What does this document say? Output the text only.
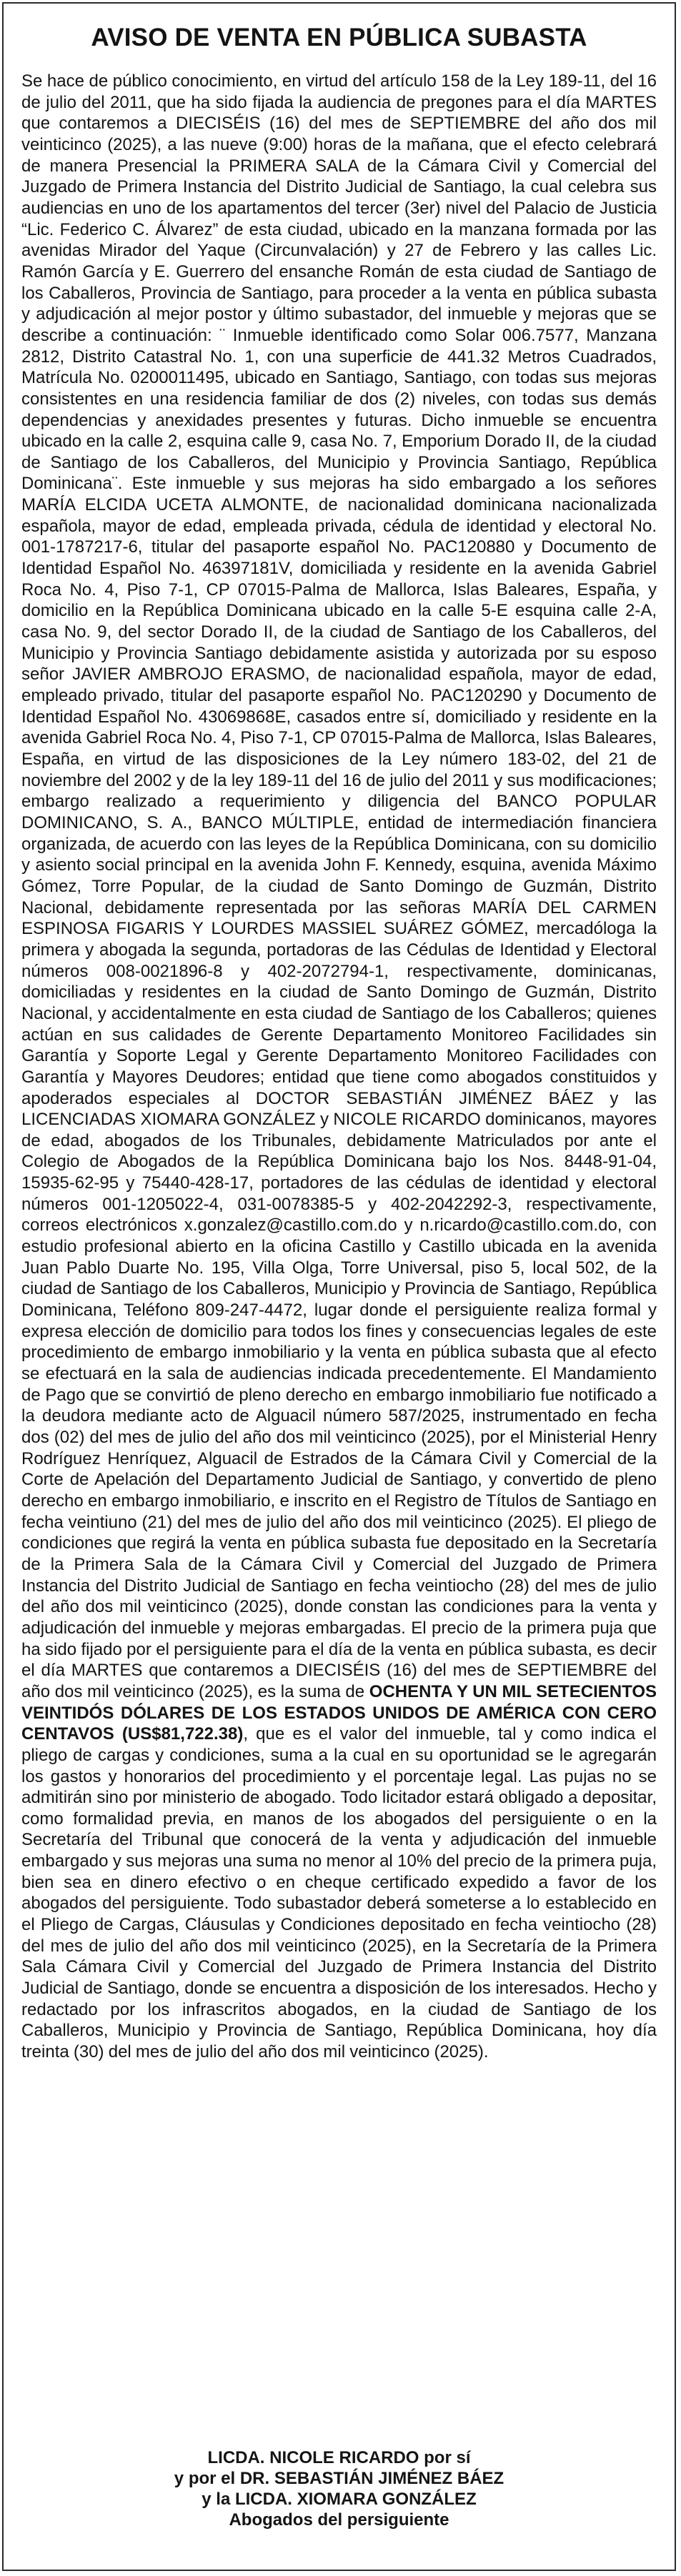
AVISO DE VENTA EN PÚBLICA SUBASTA

Se hace de público conocimiento, en virtud del artículo 158 de la Ley 189-11, del 16 de julio del 2011, que ha sido fijada la audiencia de pregones para el día MARTES que contaremos a DIECISÉIS (16) del mes de SEPTIEMBRE del año dos mil veinticinco (2025), a las nueve (9:00) horas de la mañana, que el efecto celebrará de manera Presencial la PRIMERA SALA de la Cámara Civil y Comercial del Juzgado de Primera Instancia del Distrito Judicial de Santiago, la cual celebra sus audiencias en uno de los apartamentos del tercer (3er) nivel del Palacio de Justicia “Lic. Federico C. Álvarez” de esta ciudad, ubicado en la manzana formada por las avenidas Mirador del Yaque (Circunvalación) y 27 de Febrero y las calles Lic. Ramón García y E. Guerrero del ensanche Román de esta ciudad de Santiago de los Caballeros, Provincia de Santiago, para proceder a la venta en pública subasta y adjudicación al mejor postor y último subastador, del inmueble y mejoras que se describe a continuación: ¨ Inmueble identificado como Solar 006.7577, Manzana 2812, Distrito Catastral No. 1, con una superficie de 441.32 Metros Cuadrados, Matrícula No. 0200011495, ubicado en Santiago, Santiago, con todas sus mejoras consistentes en una residencia familiar de dos (2) niveles, con todas sus demás dependencias y anexidades presentes y futuras. Dicho inmueble se encuentra ubicado en la calle 2, esquina calle 9, casa No. 7, Emporium Dorado II, de la ciudad de Santiago de los Caballeros, del Municipio y Provincia Santiago, República Dominicana¨. Este inmueble y sus mejoras ha sido embargado a los señores MARÍA ELCIDA UCETA ALMONTE, de nacionalidad dominicana nacionalizada española, mayor de edad, empleada privada, cédula de identidad y electoral No. 001-1787217-6, titular del pasaporte español No. PAC120880 y Documento de Identidad Español No. 46397181V, domiciliada y residente en la avenida Gabriel Roca No. 4, Piso 7-1, CP 07015-Palma de Mallorca, Islas Baleares, España, y domicilio en la República Dominicana ubicado en la calle 5-E esquina calle 2-A, casa No. 9, del sector Dorado II, de la ciudad de Santiago de los Caballeros, del Municipio y Provincia Santiago debidamente asistida y autorizada por su esposo señor JAVIER AMBROJO ERASMO, de nacionalidad española, mayor de edad, empleado privado, titular del pasaporte español No. PAC120290 y Documento de Identidad Español No. 43069868E, casados entre sí, domiciliado y residente en la avenida Gabriel Roca No. 4, Piso 7-1, CP 07015-Palma de Mallorca, Islas Baleares, España, en virtud de las disposiciones de la Ley número 183-02, del 21 de noviembre del 2002 y de la ley 189-11 del 16 de julio del 2011 y sus modificaciones; embargo realizado a requerimiento y diligencia del BANCO POPULAR DOMINICANO, S. A., BANCO MÚLTIPLE, entidad de intermediación financiera organizada, de acuerdo con las leyes de la República Dominicana, con su domicilio y asiento social principal en la avenida John F. Kennedy, esquina, avenida Máximo Gómez, Torre Popular, de la ciudad de Santo Domingo de Guzmán, Distrito Nacional, debidamente representada por las señoras MARÍA DEL CARMEN ESPINOSA FIGARIS Y LOURDES MASSIEL SUÁREZ GÓMEZ, mercadóloga la primera y abogada la segunda, portadoras de las Cédulas de Identidad y Electoral números 008-0021896-8 y 402-2072794-1, respectivamente, dominicanas, domiciliadas y residentes en la ciudad de Santo Domingo de Guzmán, Distrito Nacional, y accidentalmente en esta ciudad de Santiago de los Caballeros; quienes actúan en sus calidades de Gerente Departamento Monitoreo Facilidades sin Garantía y Soporte Legal y Gerente Departamento Monitoreo Facilidades con Garantía y Mayores Deudores; entidad que tiene como abogados constituidos y apoderados especiales al DOCTOR SEBASTIÁN JIMÉNEZ BÁEZ y las LICENCIADAS XIOMARA GONZÁLEZ y NICOLE RICARDO dominicanos, mayores de edad, abogados de los Tribunales, debidamente Matriculados por ante el Colegio de Abogados de la República Dominicana bajo los Nos. 8448-91-04, 15935-62-95 y 75440-428-17, portadores de las cédulas de identidad y electoral números 001-1205022-4, 031-0078385-5 y 402-2042292-3, respectivamente, correos electrónicos x.gonzalez@castillo.com.do y n.ricardo@castillo.com.do, con estudio profesional abierto en la oficina Castillo y Castillo ubicada en la avenida Juan Pablo Duarte No. 195, Villa Olga, Torre Universal, piso 5, local 502, de la ciudad de Santiago de los Caballeros, Municipio y Provincia de Santiago, República Dominicana, Teléfono 809-247-4472, lugar donde el persiguiente realiza formal y expresa elección de domicilio para todos los fines y consecuencias legales de este procedimiento de embargo inmobiliario y la venta en pública subasta que al efecto se efectuará en la sala de audiencias indicada precedentemente. El Mandamiento de Pago que se convirtió de pleno derecho en embargo inmobiliario fue notificado a la deudora mediante acto de Alguacil número 587/2025, instrumentado en fecha dos (02) del mes de julio del año dos mil veinticinco (2025), por el Ministerial Henry Rodríguez Henríquez, Alguacil de Estrados de la Cámara Civil y Comercial de la Corte de Apelación del Departamento Judicial de Santiago, y convertido de pleno derecho en embargo inmobiliario, e inscrito en el Registro de Títulos de Santiago en fecha veintiuno (21) del mes de julio del año dos mil veinticinco (2025). El pliego de condiciones que regirá la venta en pública subasta fue depositado en la Secretaría de la Primera Sala de la Cámara Civil y Comercial del Juzgado de Primera Instancia del Distrito Judicial de Santiago en fecha veintiocho (28) del mes de julio del año dos mil veinticinco (2025), donde constan las condiciones para la venta y adjudicación del inmueble y mejoras embargadas. El precio de la primera puja que ha sido fijado por el persiguiente para el día de la venta en pública subasta, es decir el día MARTES que contaremos a DIECISÉIS (16) del mes de SEPTIEMBRE del año dos mil veinticinco (2025), es la suma de OCHENTA Y UN MIL SETECIENTOS VEINTIDÓS DÓLARES DE LOS ESTADOS UNIDOS DE AMÉRICA CON CERO CENTAVOS (US$81,722.38), que es el valor del inmueble, tal y como indica el pliego de cargas y condiciones, suma a la cual en su oportunidad se le agregarán los gastos y honorarios del procedimiento y el porcentaje legal. Las pujas no se admitirán sino por ministerio de abogado. Todo licitador estará obligado a depositar, como formalidad previa, en manos de los abogados del persiguiente o en la Secretaría del Tribunal que conocerá de la venta y adjudicación del inmueble embargado y sus mejoras una suma no menor al 10% del precio de la primera puja, bien sea en dinero efectivo o en cheque certificado expedido a favor de los abogados del persiguiente. Todo subastador deberá someterse a lo establecido en el Pliego de Cargas, Cláusulas y Condiciones depositado en fecha veintiocho (28) del mes de julio del año dos mil veinticinco (2025), en la Secretaría de la Primera Sala Cámara Civil y Comercial del Juzgado de Primera Instancia del Distrito Judicial de Santiago, donde se encuentra a disposición de los interesados. Hecho y redactado por los infrascritos abogados, en la ciudad de Santiago de los Caballeros, Municipio y Provincia de Santiago, República Dominicana, hoy día treinta (30) del mes de julio del año dos mil veinticinco (2025).

LICDA. NICOLE RICARDO por sí
y por el DR. SEBASTIÁN JIMÉNEZ BÁEZ
y la LICDA. XIOMARA GONZÁLEZ
Abogados del persiguiente
